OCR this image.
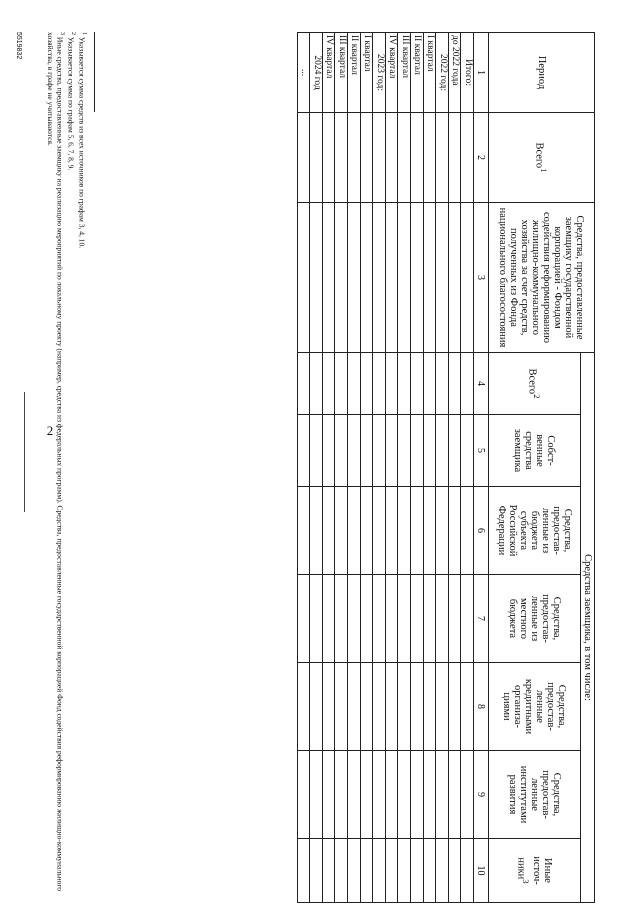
2
Период	Всего$^1$	Средства, предоставленные заемщику государственной корпорацией - Фондом содействия реформированию жилищно-коммунального хозяйства за счет средств, полученных из Фонда национального благосостояния	Средства заемщика, в том числе:						
			Всего$^2$	Собст-венные средства заемщика	Средства, предостав-ленные из бюджета субъекта Российской Федерации	Средства, предостав-ленные из местного бюджета	Средства, предостав-ленные кредитными организа-циями	Средства, предостав-ленные институтами развития	Иные источ-ники$^3$
1	2	3	4	5	6	7	8	9	10
Итого:									
до 2022 года									
2022 год:									
I квартал									
II квартал									
III квартал									
IV квартал									
2023 год:									
I квартал									
II квартал									
III квартал									
IV квартал									
2024 год									
...									

$^1$ Указывается сумма средств из всех источников по графам 3, 4, 10.

$^2$ Указывается сумма по графам 5, 6, 7, 8, 9.

$^3$ Иные средства, предоставленные заемщику на реализацию мероприятий по локальному проекту (например, средства из федеральных программ). Средства, предоставленные государственной корпорацией Фонд содействия реформированию жилищно-коммунального хозяйства, в графе не учитываются.

5519832
